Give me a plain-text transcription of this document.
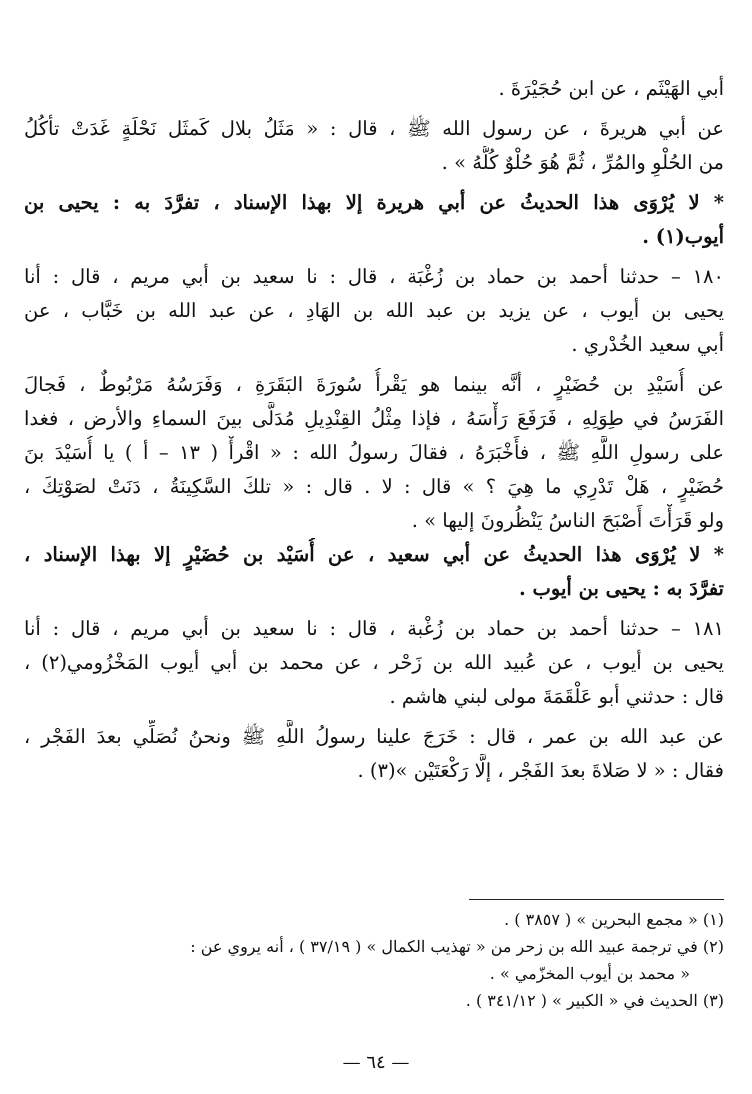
أبي الهَيْثَم ، عن ابن حُجَيْرَةَ .
عن أبي هريرةَ ، عن رسول الله ﷺ ، قال : « مَثَلُ بلال كَمثَل نَحْلَةٍ غَدَتْ تأكُلُ
من الحُلْوِ والمُرِّ ، ثُمَّ هُوَ حُلْوٌ كُلُّهُ » .
* لا يُرْوَى هذا الحديثُ عن أبي هريرة إلا بهذا الإسناد ، تفرَّدَ به : يحيى بن
أيوب(١) .
١٨٠ – حدثنا أحمد بن حماد بن زُغْبَة ، قال : نا سعيد بن أبي مريم ، قال : أنا
يحيى بن أيوب ، عن يزيد بن عبد الله بن الهَادِ ، عن عبد الله بن خَبَّاب ، عن
أبي سعيد الخُدْري .
عن أُسَيْدِ بن حُضَيْرٍ ، أنَّه بينما هو يَقْرأُ سُورَةَ البَقَرَةِ ، وَفَرَسُهُ مَرْبُوطٌ ، فَجالَ
الفَرَسُ في طِوَلِهِ ، فَرَفَعَ رَأْسَهُ ، فإذا مِثْلُ القِنْدِيلِ مُدَلًّى بينَ السماءِ والأرض ، فغدا
على رسولِ اللَّهِ ﷺ ، فأَخْبَرَهُ ، فقالَ رسولُ الله : « اقْرأْ ( ١٣ – أ ) يا أُسَيْدَ بنَ
حُضَيْرٍ ، هَلْ تَدْرِي ما هِيَ ؟ » قال : لا . قال : « تلكَ السَّكِينَةُ ، دَنَتْ لصَوْتِكَ ،
ولو قَرَأْتَ أَصْبَحَ الناسُ يَنْظُرونَ إليها » .
* لا يُرْوَى هذا الحديثُ عن أبي سعيد ، عن أُسَيْد بن حُضَيْرٍ إلا بهذا الإسناد ،
تفرَّدَ به : يحيى بن أيوب .
١٨١ – حدثنا أحمد بن حماد بن زُغْبة ، قال : نا سعيد بن أبي مريم ، قال : أنا
يحيى بن أيوب ، عن عُبيد الله بن زَحْر ، عن محمد بن أبي أيوب المَخْزُومي(٢) ،
قال : حدثني أبو عَلْقَمَةَ مولى لبني هاشم .
عن عبد الله بن عمر ، قال : خَرَجَ علينا رسولُ اللَّهِ ﷺ ونحنُ نُصَلِّي بعدَ الفَجْر ،
فقال : « لا صَلاةَ بعدَ الفَجْر ، إلَّا رَكْعَتَيْن »(٣) .
(١) « مجمع البحرين » ( ٣٨٥٧ ) .
(٢) في ترجمة عبيد الله بن زحر من « تهذيب الكمال » ( ٣٧/١٩ ) ، أنه يروي عن :
« محمد بن أيوب المخزّمي » .
(٣) الحديث في « الكبير » ( ٣٤١/١٢ ) .
— ٦٤ —
